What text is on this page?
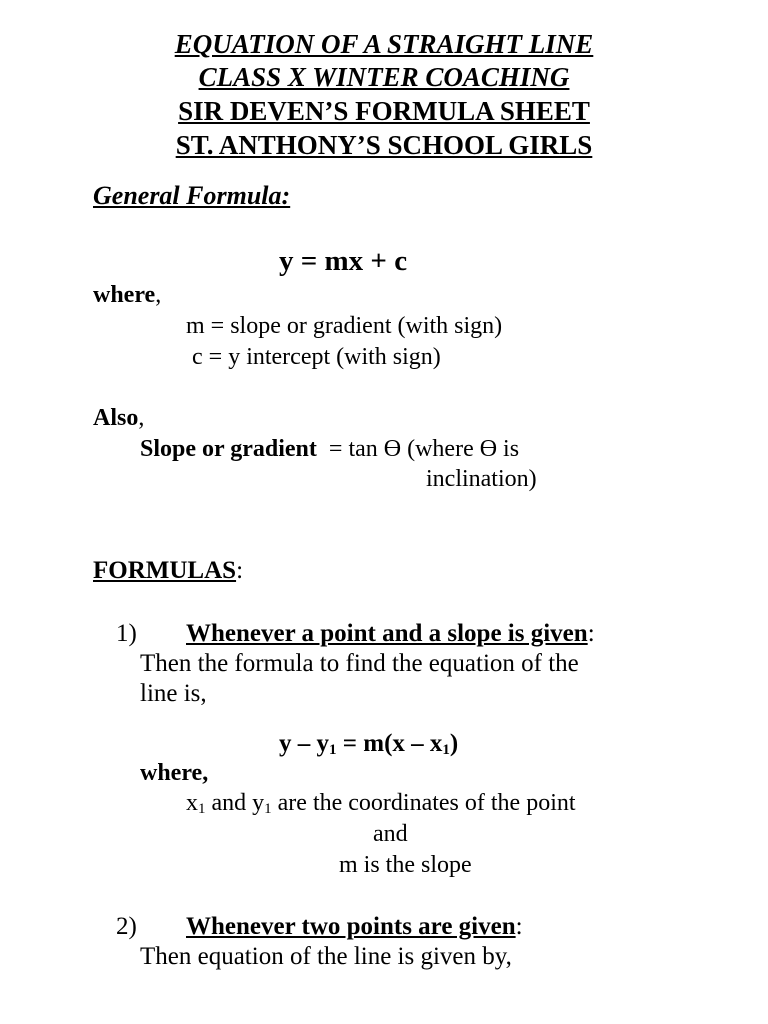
EQUATION OF A STRAIGHT LINE
CLASS X WINTER COACHING
SIR DEVEN’S FORMULA SHEET
ST. ANTHONY’S SCHOOL GIRLS
General Formula:
y = mx + c
where,
m = slope or gradient (with sign)
c = y intercept (with sign)
Also,
Slope or gradient = tan Ɵ (where Ɵ is
inclination)
FORMULAS:
1) Whenever a point and a slope is given:
Then the formula to find the equation of the
line is,
$y - y_1 = m(x - x_1)$
where,
$x_1$ and $y_1$ are the coordinates of the point
and
m is the slope
2) Whenever two points are given:
Then equation of the line is given by,
